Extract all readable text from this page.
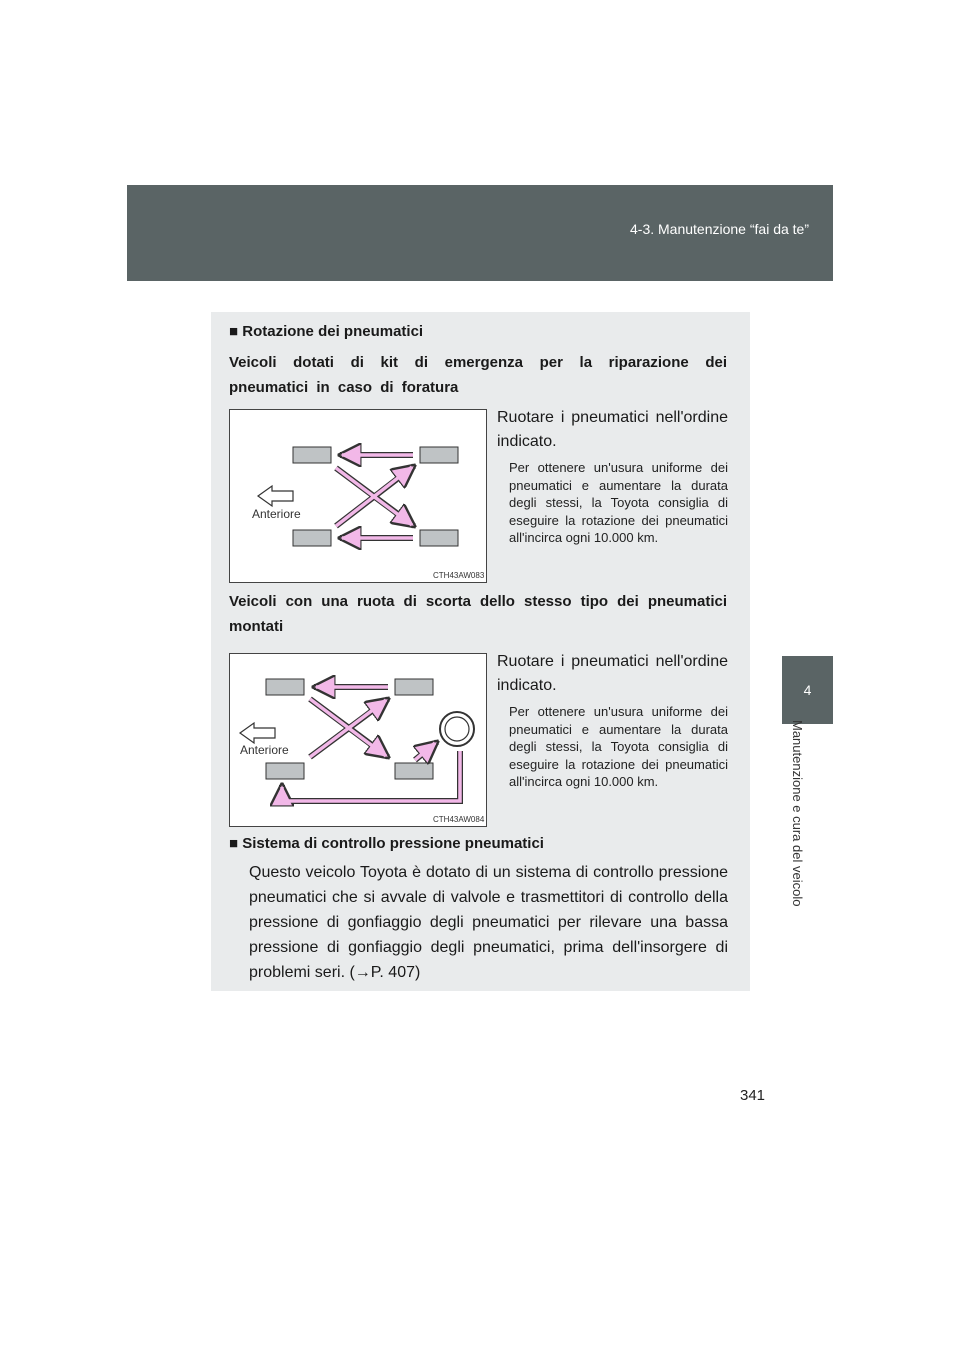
4-3. Manutenzione “fai da te”
4
Manutenzione e cura del veicolo
■ Rotazione dei pneumatici
Veicoli dotati di kit di emergenza per la riparazione dei pneumatici in caso di foratura
Anteriore
CTH43AW083
Ruotare i pneumatici nell'ordine indicato.
Per ottenere un'usura uniforme dei pneumatici e aumentare la durata degli stessi, la Toyota consiglia di eseguire la rotazione dei pneumatici all'incirca ogni 10.000 km.
Veicoli con una ruota di scorta dello stesso tipo dei pneumatici montati
Anteriore
CTH43AW084
Ruotare i pneumatici nell'ordine indicato.
Per ottenere un'usura uniforme dei pneumatici e aumentare la durata degli stessi, la Toyota consiglia di eseguire la rotazione dei pneumatici all'incirca ogni 10.000 km.
■ Sistema di controllo pressione pneumatici
Questo veicolo Toyota è dotato di un sistema di controllo pressione pneumatici che si avvale di valvole e trasmettitori di controllo della pressione di gonfiaggio degli pneumatici per rilevare una bassa pressione di gonfiaggio degli pneumatici, prima dell'insorgere di problemi seri. (→P. 407)
341
